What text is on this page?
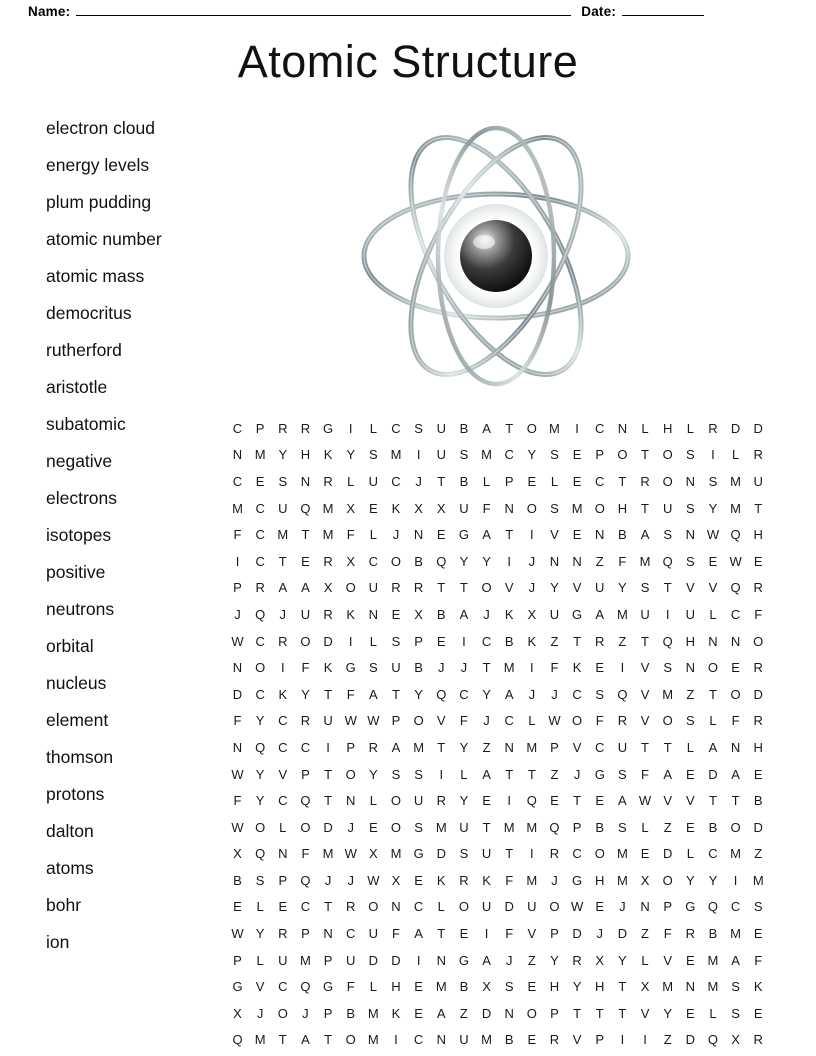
Name:	Date:
Atomic Structure
electron cloud
energy levels
plum pudding
atomic number
atomic mass
democritus
rutherford
aristotle
subatomic
negative
electrons
isotopes
positive
neutrons
orbital
nucleus
element
thomson
protons
dalton
atoms
bohr
ion
C	P	R	R G	I	L	C	S	U	B	A	T	O M	I	C	N	L	H	L	R	D	D
N M Y	H	K	Y	S M	I	U	S M C	Y	S	E	P	O	T	O	S	I	L	R
C	E	S	N	R	L	U	C	J	T	B	L	P	E	L	E	C	T	R O N	S M U
M C	U Q M X	E	K	X	X	U	F	N O	S M O H	T	U	S	Y M	T
F	C M	T	M	F	L	J	N	E	G	A	T	I	V	E	N	B	A	S	N W Q H
I	C	T	E	R	X	C O	B	Q	Y	Y	I	J	N	N	Z	F	M Q	S	E W E
P	R	A	A	X	O U	R	R	T	T	O	V	J	Y	V	U	Y	S	T	V	V	Q R
J	Q	J	U	R	K	N	E	X	B	A	J	K	X	U G	A M U	I	U	L	C	F
W C	R O D	I	L	S	P	E	I	C	B	K	Z	T	R	Z	T	Q H	N	N O
N O	I	F	K	G	S	U	B	J	J	T	M	I	F	K	E	I	V	S	N O	E	R
D	C	K	Y	T	F	A	T	Y	Q C	Y	A	J	J	C	S	Q	V M	Z	T	O D
F	Y	C	R	U W W P	O	V	F	J	C	L W O	F	R	V	O	S	L	F	R
N Q C	C	I	P	R	A M	T	Y	Z	N M P	V	C	U	T	T	L	A	N	H
W Y	V	P	T	O	Y	S	S	I	L	A	T	T	Z	J	G	S	F	A	E	D	A	E
F	Y	C Q	T	N	L	O U	R	Y	E	I	Q	E	T	E	A W V	V	T	T	B
W O	L	O D	J	E	O	S M U	T	M M Q	P	B	S	L	Z	E	B	O D
X	Q N	F	M W X M G D	S	U	T	I	R	C O M E	D	L	C M	Z
B	S	P	Q	J	J	W X	E	K	R	K	F	M	J	G H M X	O	Y	Y	I	M
E	L	E	C	T	R O N	C	L	O U	D	U O W E	J	N	P	G Q C	S
W Y	R	P	N	C	U	F	A	T	E	I	F	V	P	D	J	D	Z	F	R	B M E
P	L	U M P	U	D	D	I	N G	A	J	Z	Y	R	X	Y	L	V	E M A	F
G	V	C Q G	F	L	H	E M B	X	S	E	H	Y	H	T	X M N M S	K
X	J	O	J	P	B M K	E	A	Z	D	N O	P	T	T	T	V	Y	E	L	S	E
Q M	T	A	T	O M	I	C	N	U M B	E	R	V	P	I	I	Z	D Q	X	R
